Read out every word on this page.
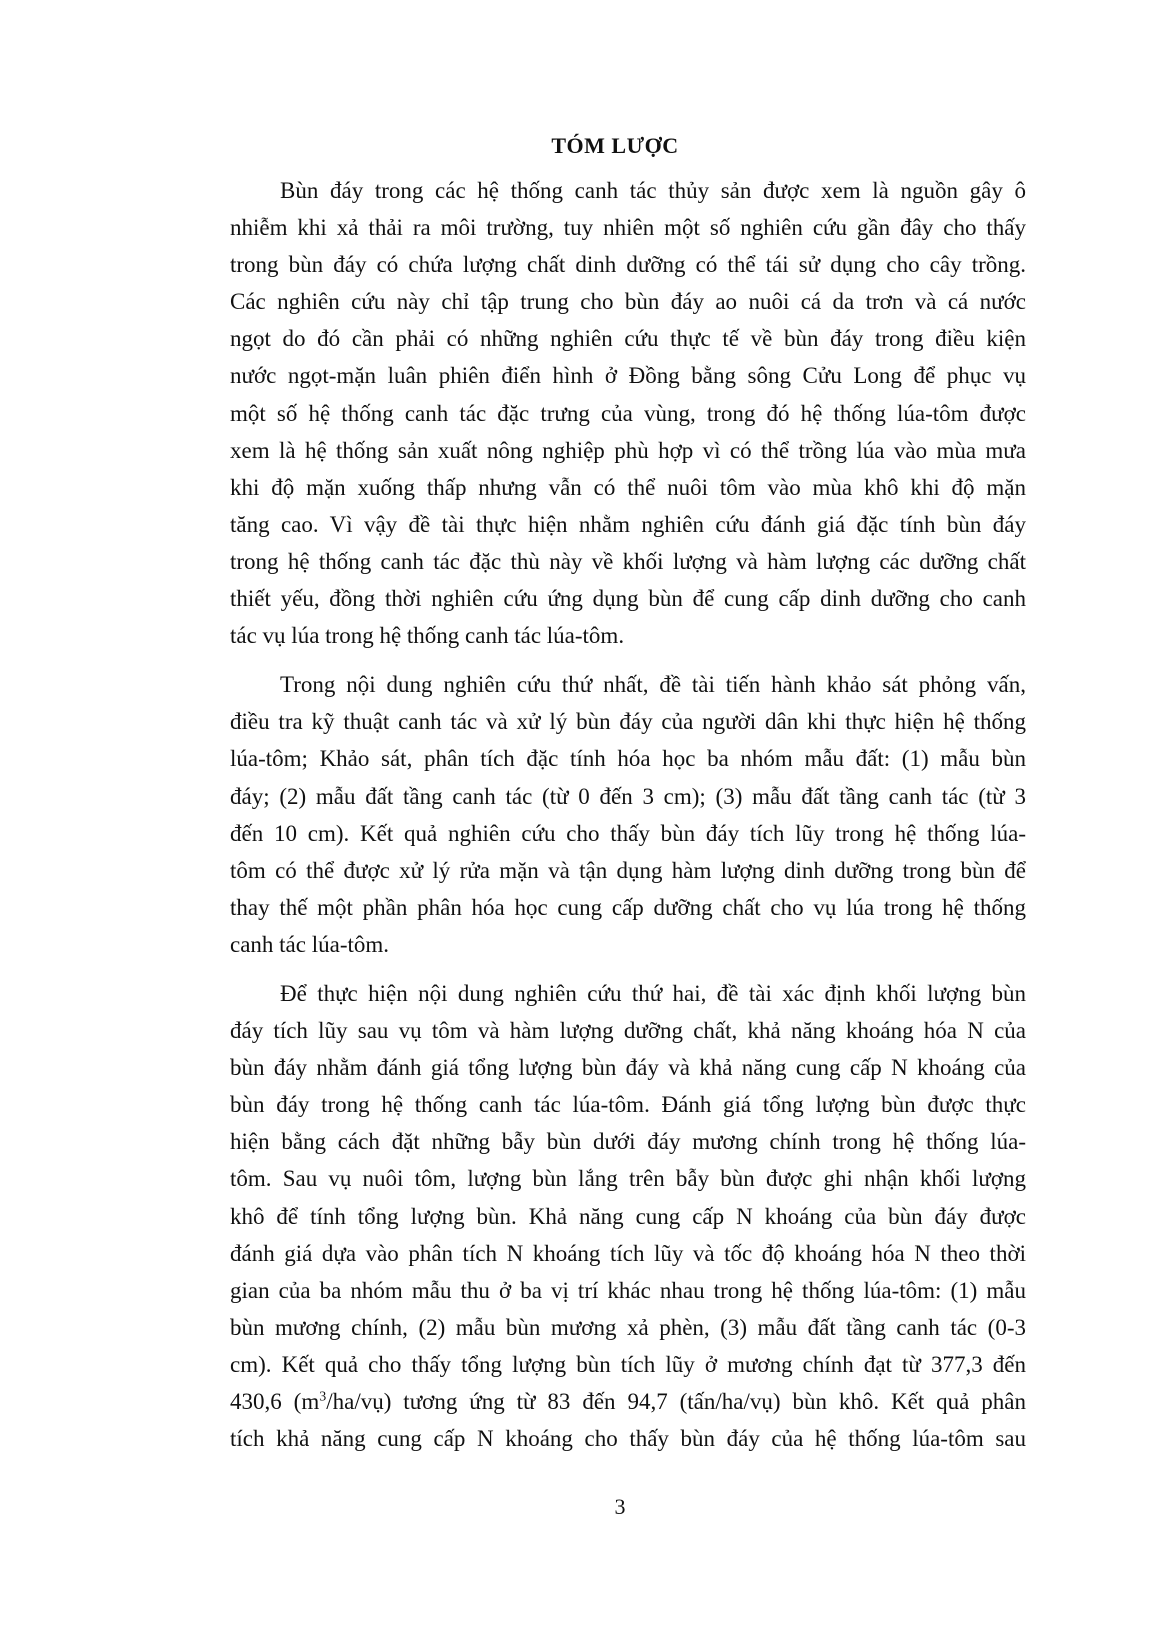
TÓM LƯỢC

Bùn đáy trong các hệ thống canh tác thủy sản được xem là nguồn gây ô
nhiễm khi xả thải ra môi trường, tuy nhiên một số nghiên cứu gần đây cho thấy
trong bùn đáy có chứa lượng chất dinh dưỡng có thể tái sử dụng cho cây trồng.
Các nghiên cứu này chỉ tập trung cho bùn đáy ao nuôi cá da trơn và cá nước
ngọt do đó cần phải có những nghiên cứu thực tế về bùn đáy trong điều kiện
nước ngọt-mặn luân phiên điển hình ở Đồng bằng sông Cửu Long để phục vụ
một số hệ thống canh tác đặc trưng của vùng, trong đó hệ thống lúa-tôm được
xem là hệ thống sản xuất nông nghiệp phù hợp vì có thể trồng lúa vào mùa mưa
khi độ mặn xuống thấp nhưng vẫn có thể nuôi tôm vào mùa khô khi độ mặn
tăng cao. Vì vậy đề tài thực hiện nhằm nghiên cứu đánh giá đặc tính bùn đáy
trong hệ thống canh tác đặc thù này về khối lượng và hàm lượng các dưỡng chất
thiết yếu, đồng thời nghiên cứu ứng dụng bùn để cung cấp dinh dưỡng cho canh
tác vụ lúa trong hệ thống canh tác lúa-tôm.

Trong nội dung nghiên cứu thứ nhất, đề tài tiến hành khảo sát phỏng vấn,
điều tra kỹ thuật canh tác và xử lý bùn đáy của người dân khi thực hiện hệ thống
lúa-tôm; Khảo sát, phân tích đặc tính hóa học ba nhóm mẫu đất: (1) mẫu bùn
đáy; (2) mẫu đất tầng canh tác (từ 0 đến 3 cm); (3) mẫu đất tầng canh tác (từ 3
đến 10 cm). Kết quả nghiên cứu cho thấy bùn đáy tích lũy trong hệ thống lúa-
tôm có thể được xử lý rửa mặn và tận dụng hàm lượng dinh dưỡng trong bùn để
thay thế một phần phân hóa học cung cấp dưỡng chất cho vụ lúa trong hệ thống
canh tác lúa-tôm.

Để thực hiện nội dung nghiên cứu thứ hai, đề tài xác định khối lượng bùn
đáy tích lũy sau vụ tôm và hàm lượng dưỡng chất, khả năng khoáng hóa N của
bùn đáy nhằm đánh giá tổng lượng bùn đáy và khả năng cung cấp N khoáng của
bùn đáy trong hệ thống canh tác lúa-tôm. Đánh giá tổng lượng bùn được thực
hiện bằng cách đặt những bẫy bùn dưới đáy mương chính trong hệ thống lúa-
tôm. Sau vụ nuôi tôm, lượng bùn lắng trên bẫy bùn được ghi nhận khối lượng
khô để tính tổng lượng bùn. Khả năng cung cấp N khoáng của bùn đáy được
đánh giá dựa vào phân tích N khoáng tích lũy và tốc độ khoáng hóa N theo thời
gian của ba nhóm mẫu thu ở ba vị trí khác nhau trong hệ thống lúa-tôm: (1) mẫu
bùn mương chính, (2) mẫu bùn mương xả phèn, (3) mẫu đất tầng canh tác (0-3
cm). Kết quả cho thấy tổng lượng bùn tích lũy ở mương chính đạt từ 377,3 đến
430,6 $(m^3/ha/vụ)$ tương ứng từ 83 đến 94,7 (tấn/ha/vụ) bùn khô. Kết quả phân
tích khả năng cung cấp N khoáng cho thấy bùn đáy của hệ thống lúa-tôm sau

3
